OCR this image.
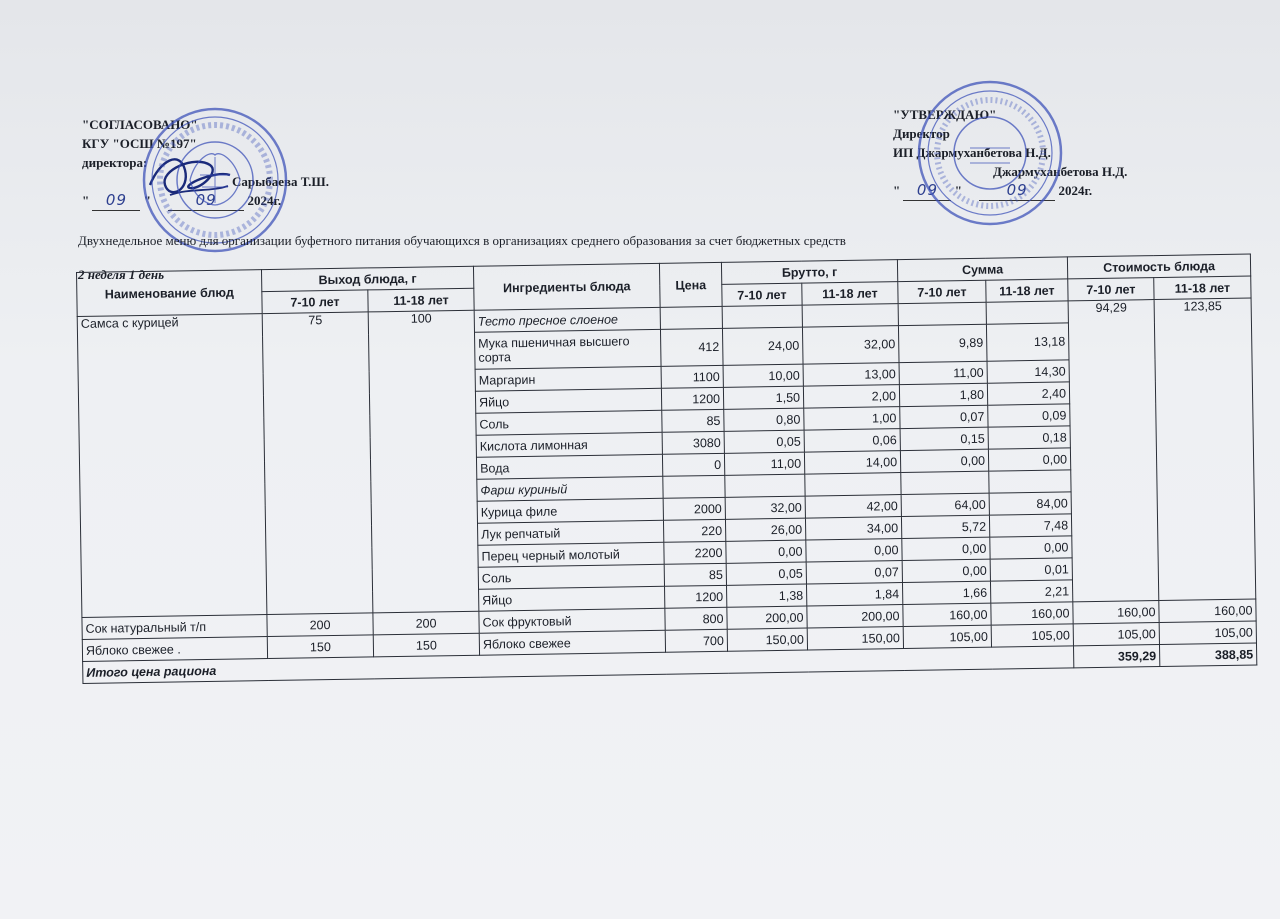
"СОГЛАСОВАНО"
КГУ "ОСШ №197"
директора:
Сарыбаева Т.Ш.
" 09 "	09 2024г.
"УТВЕРЖДАЮ"
Директор
ИП Джармуханбетова Н.Д.
Джармуханбетова Н.Д.
" 09 "	09 2024г.
Двухнедельное меню для организации буфетного питания обучающихся в организациях среднего образования за счет бюджетных средств
2 неделя 1 день
Наименование блюд	Выход блюда, г		Ингредиенты блюда	Цена	Брутто, г		Сумма		Стоимость блюда	
	7-10 лет	11-18 лет			7-10 лет	11-18 лет	7-10 лет	11-18 лет	7-10 лет	11-18 лет
Самса с курицей	75	100	Тесто пресное слоеное						94,29	123,85
			Мука пшеничная высшего сорта	412	24,00	32,00	9,89	13,18		
			Маргарин	1100	10,00	13,00	11,00	14,30		
			Яйцо	1200	1,50	2,00	1,80	2,40		
			Соль	85	0,80	1,00	0,07	0,09		
			Кислота лимонная	3080	0,05	0,06	0,15	0,18		
			Вода	0	11,00	14,00	0,00	0,00		
			Фарш куриный							
			Курица филе	2000	32,00	42,00	64,00	84,00		
			Лук репчатый	220	26,00	34,00	5,72	7,48		
			Перец черный молотый	2200	0,00	0,00	0,00	0,00		
			Соль	85	0,05	0,07	0,00	0,01		
			Яйцо	1200	1,38	1,84	1,66	2,21		
Сок натуральный т/п	200	200	Сок фруктовый	800	200,00	200,00	160,00	160,00	160,00	160,00
Яблоко свежее .	150	150	Яблоко свежее	700	150,00	150,00	105,00	105,00	105,00	105,00
Итого цена рациона									359,29	388,85
